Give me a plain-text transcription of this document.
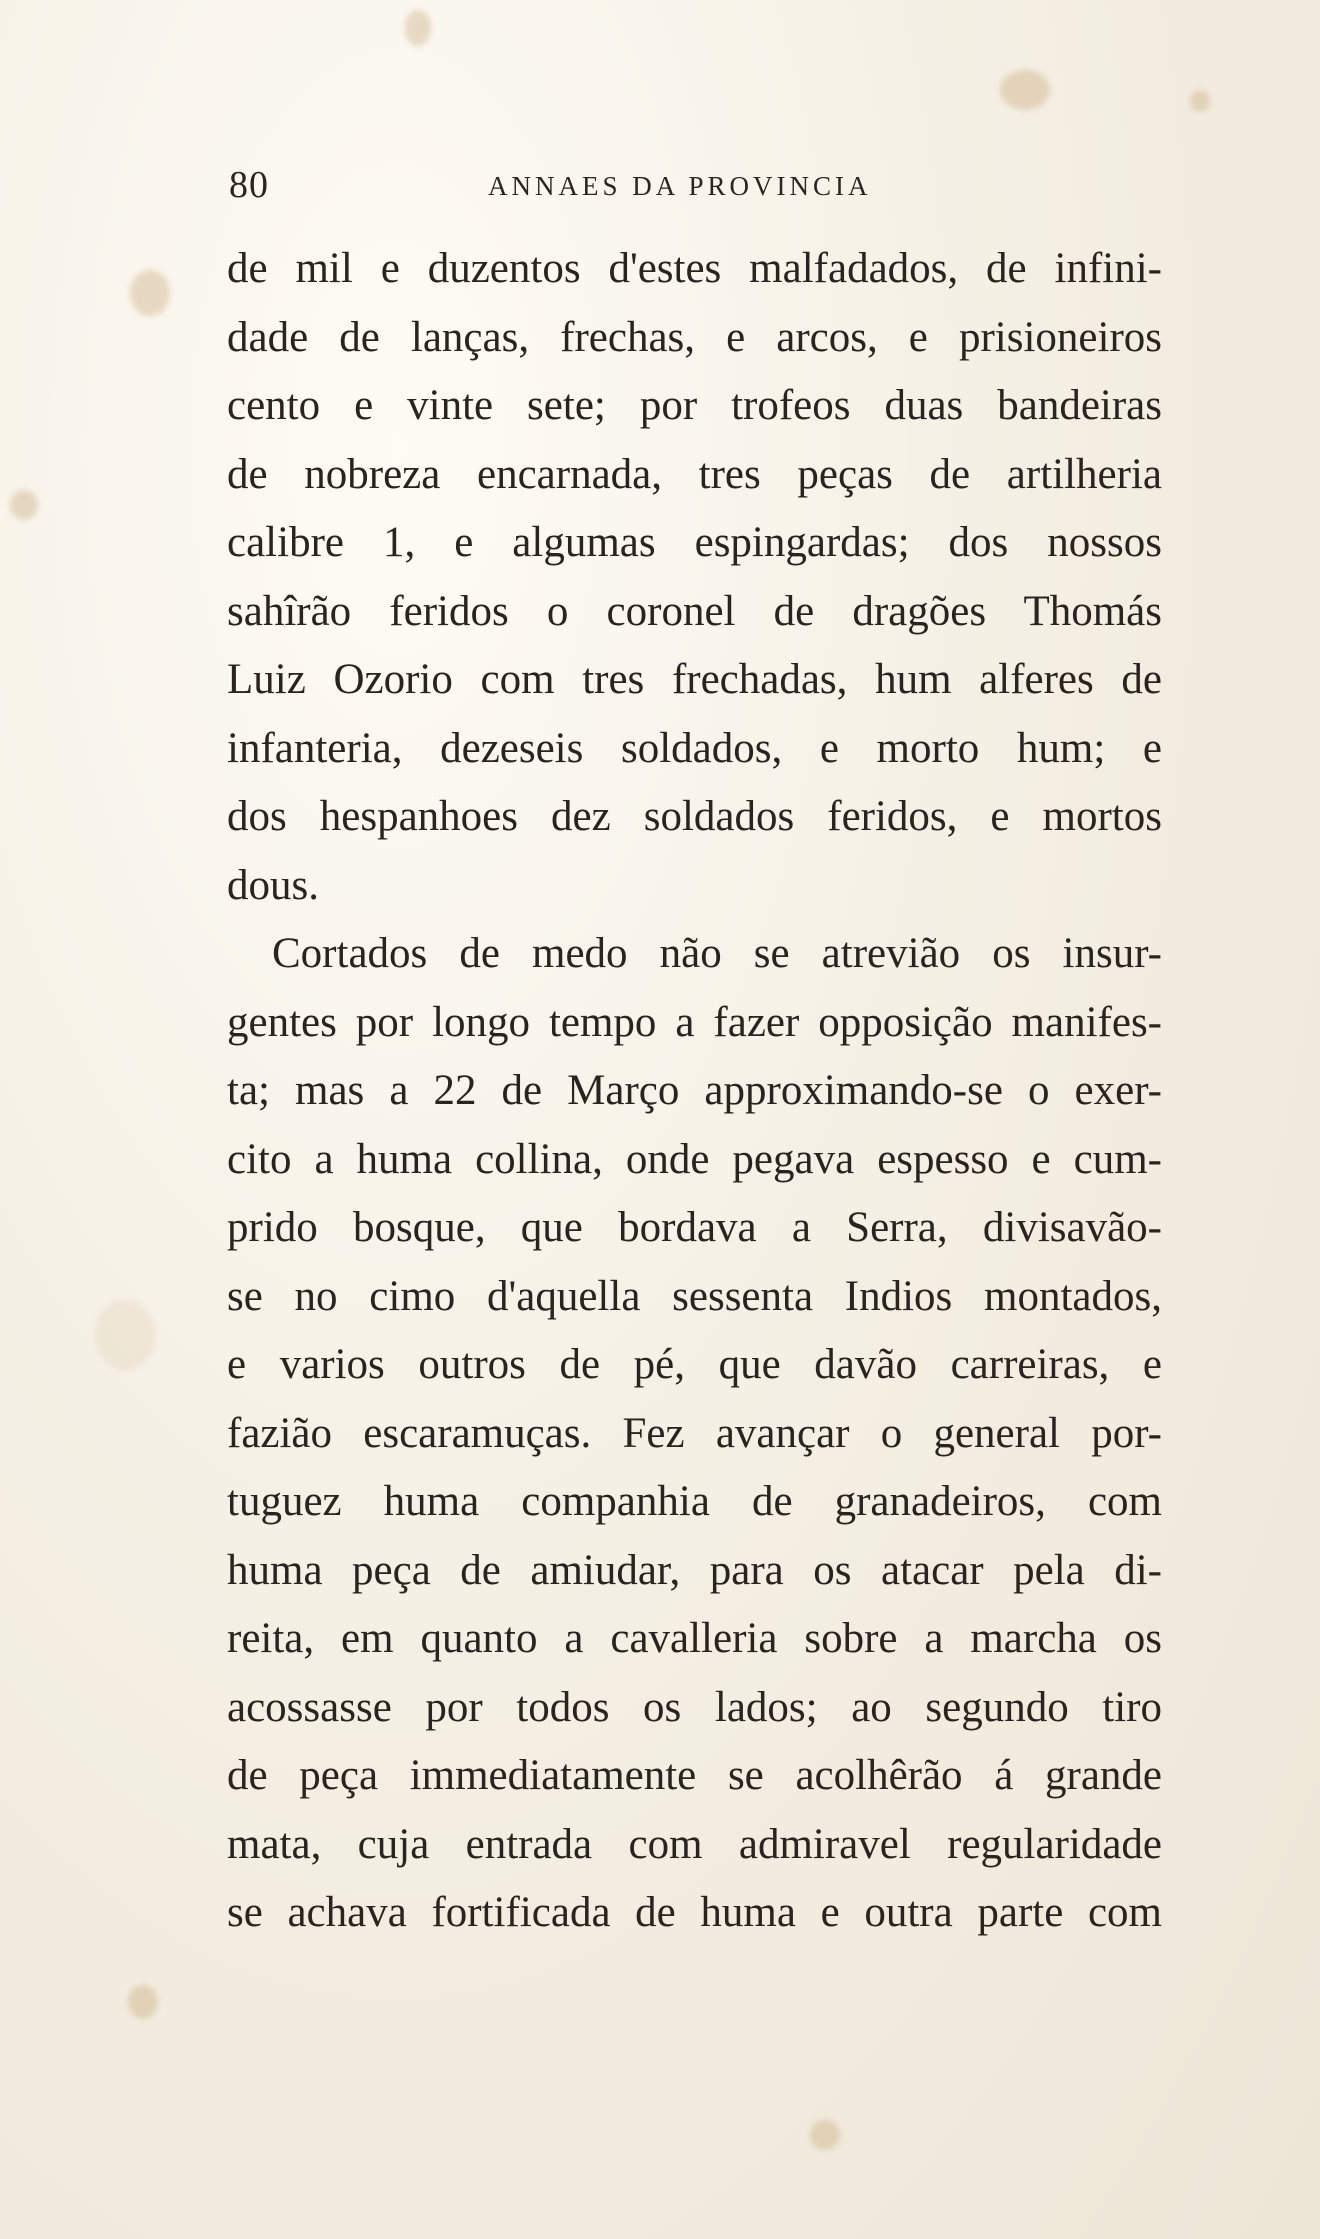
80	ANNAES DA PROVINCIA
de mil e duzentos d'estes malfadados, de infini-
dade de lanças, frechas, e arcos, e prisioneiros
cento e vinte sete; por trofeos duas bandeiras
de nobreza encarnada, tres peças de artilheria
calibre 1, e algumas espingardas; dos nossos
sahîrão feridos o coronel de dragões Thomás
Luiz Ozorio com tres frechadas, hum alferes de
infanteria, dezeseis soldados, e morto hum; e
dos hespanhoes dez soldados feridos, e mortos
dous.
Cortados de medo não se atrevião os insur-
gentes por longo tempo a fazer opposição manifes-
ta; mas a 22 de Março approximando-se o exer-
cito a huma collina, onde pegava espesso e cum-
prido bosque, que bordava a Serra, divisavão-
se no cimo d'aquella sessenta Indios montados,
e varios outros de pé, que davão carreiras, e
fazião escaramuças. Fez avançar o general por-
tuguez huma companhia de granadeiros, com
huma peça de amiudar, para os atacar pela di-
reita, em quanto a cavalleria sobre a marcha os
acossasse por todos os lados; ao segundo tiro
de peça immediatamente se acolhêrão á grande
mata, cuja entrada com admiravel regularidade
se achava fortificada de huma e outra parte com
